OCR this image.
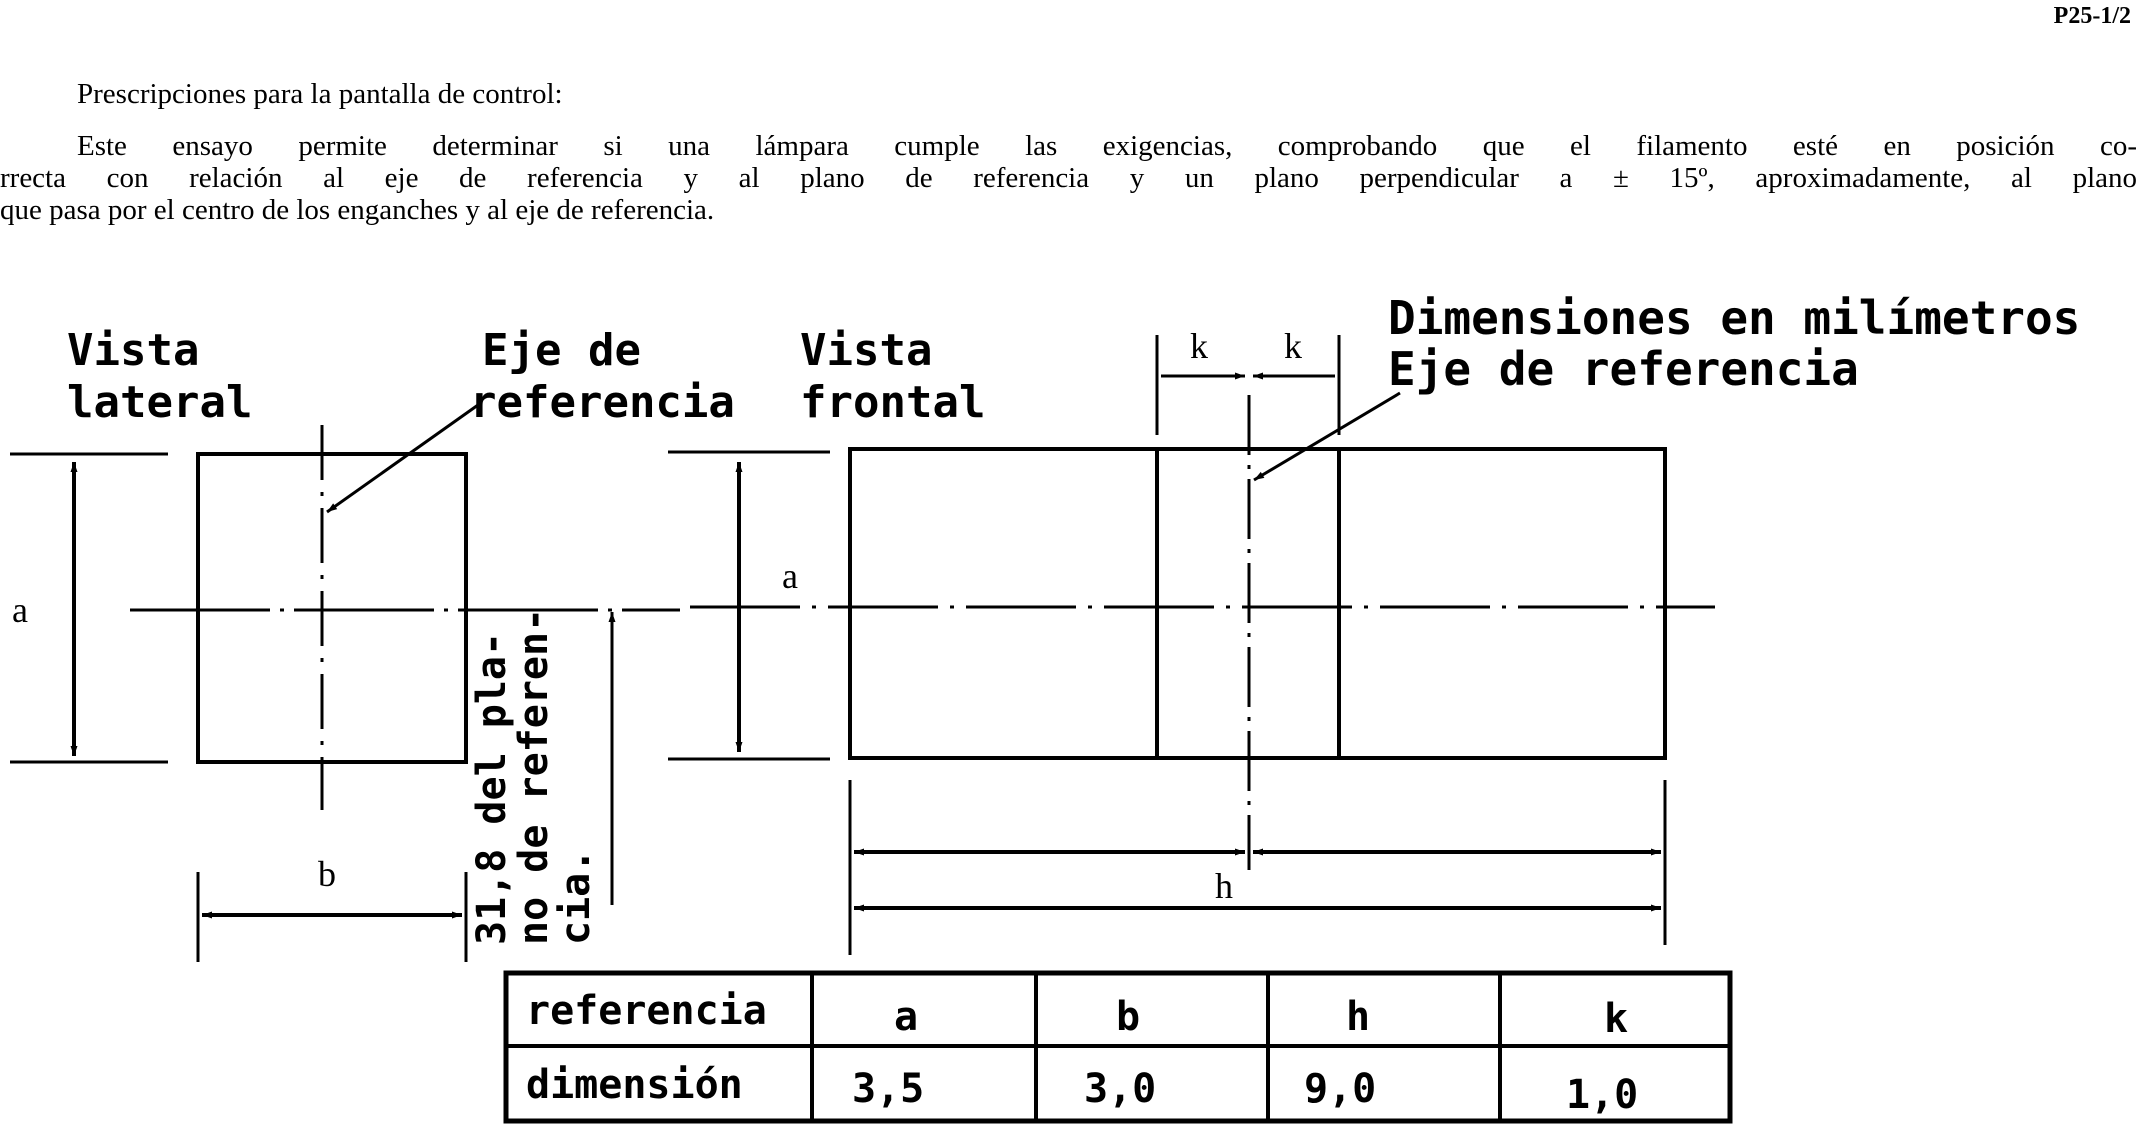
P25-1/2
Prescripciones para la pantalla de control:
Este ensayo permite determinar si una lámpara cumple las exigencias, comprobando que el filamento esté en posición co-
rrecta con relación al eje de referencia y al plano de referencia y un plano perpendicular a ± 15º, aproximadamente, al plano
que pasa por el centro de los enganches y al eje de referencia.
Dimensiones en milímetros
Vista
lateral
Eje de
referencia
a
b	31,8 del pla-
no de referen-
cia.
Vista
frontal
Eje de referencia
a
k k
h
referencia	a	b	h	k
dimensión	3,5	3,0	9,0	1,0
